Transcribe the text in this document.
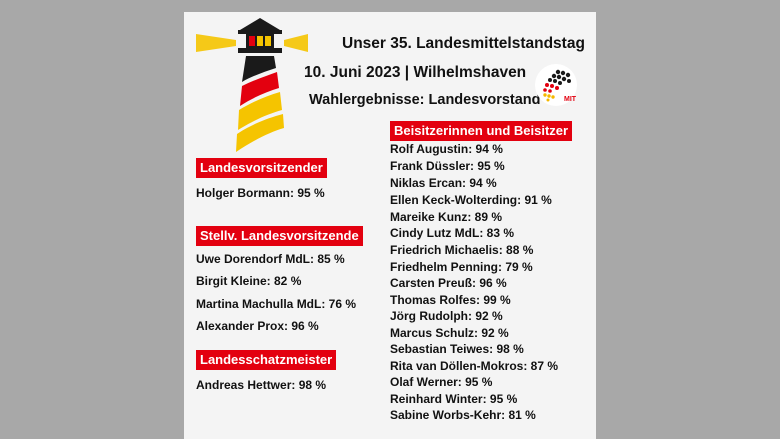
Unser 35. Landesmittelstandstag
10. Juni 2023 | Wilhelmshaven
Wahlergebnisse: Landesvorstand	MIT
Landesvorsitzender
Holger Bormann: 95 %
Stellv. Landesvorsitzende
Uwe Dorendorf MdL: 85 %
Birgit Kleine: 82 %
Martina Machulla MdL: 76 %
Alexander Prox: 96 %
Landesschatzmeister
Andreas Hettwer: 98 %
Beisitzerinnen und Beisitzer
Rolf Augustin: 94 %
Frank Düssler: 95 %
Niklas Ercan: 94 %
Ellen Keck-Wolterding: 91 %
Mareike Kunz: 89 %
Cindy Lutz MdL: 83 %
Friedrich Michaelis: 88 %
Friedhelm Penning: 79 %
Carsten Preuß: 96 %
Thomas Rolfes: 99 %
Jörg Rudolph: 92 %
Marcus Schulz: 92 %
Sebastian Teiwes: 98 %
Rita van Döllen-Mokros: 87 %
Olaf Werner: 95 %
Reinhard Winter: 95 %
Sabine Worbs-Kehr: 81 %
